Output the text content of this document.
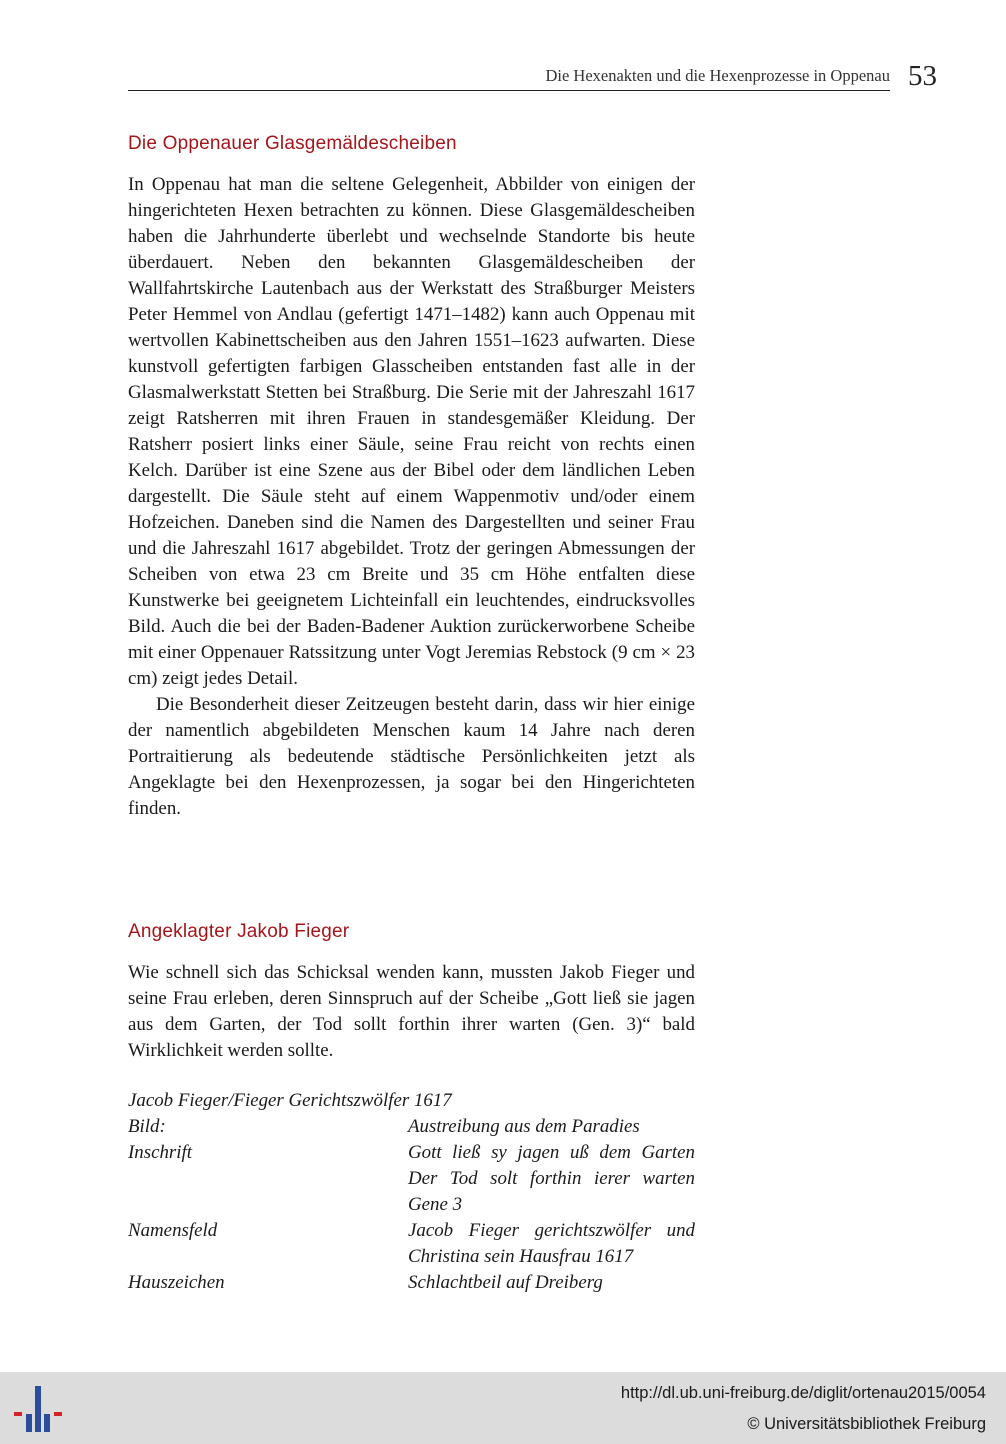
Die Hexenakten und die Hexenprozesse in Oppenau 53
Die Oppenauer Glasgemäldescheiben

In Oppenau hat man die seltene Gelegenheit, Abbilder von einigen der hingerichteten Hexen betrachten zu können. Diese Glasgemäldescheiben haben die Jahrhunderte überlebt und wechselnde Standorte bis heute überdauert. Neben den bekannten Glasgemäldescheiben der Wallfahrtskirche Lautenbach aus der Werkstatt des Straßburger Meisters Peter Hemmel von Andlau (gefertigt 1471–1482) kann auch Oppenau mit wertvollen Kabinettscheiben aus den Jahren 1551–1623 aufwarten. Diese kunstvoll gefertigten farbigen Glasscheiben entstanden fast alle in der Glasmalwerkstatt Stetten bei Straßburg. Die Serie mit der Jahreszahl 1617 zeigt Ratsherren mit ihren Frauen in standesgemäßer Kleidung. Der Ratsherr posiert links einer Säule, seine Frau reicht von rechts einen Kelch. Darüber ist eine Szene aus der Bibel oder dem ländlichen Leben dargestellt. Die Säule steht auf einem Wappenmotiv und/oder einem Hofzeichen. Daneben sind die Namen des Dargestellten und seiner Frau und die Jahreszahl 1617 abgebildet. Trotz der geringen Abmessungen der Scheiben von etwa 23 cm Breite und 35 cm Höhe entfalten diese Kunstwerke bei geeignetem Lichteinfall ein leuchtendes, eindrucksvolles Bild. Auch die bei der Baden-Badener Auktion zurückerworbene Scheibe mit einer Oppenauer Ratssitzung unter Vogt Jeremias Rebstock (9 cm × 23 cm) zeigt jedes Detail.

Die Besonderheit dieser Zeitzeugen besteht darin, dass wir hier einige der namentlich abgebildeten Menschen kaum 14 Jahre nach deren Portraitierung als bedeutende städtische Persönlichkeiten jetzt als Angeklagte bei den Hexenprozessen, ja sogar bei den Hingerichteten finden.

Angeklagter Jakob Fieger

Wie schnell sich das Schicksal wenden kann, mussten Jakob Fieger und seine Frau erleben, deren Sinnspruch auf der Scheibe „Gott ließ sie jagen aus dem Garten, der Tod sollt forthin ihrer warten (Gen. 3)“ bald Wirklichkeit werden sollte.

Jacob Fieger/Fieger Gerichtszwölfer 1617
Bild:	Austreibung aus dem Paradies
Inschrift	Gott ließ sy jagen uß dem Garten
Der Tod solt forthin ierer warten
Gene 3
Namensfeld	Jacob Fieger gerichtszwölfer und
Christina sein Hausfrau 1617
Hauszeichen	Schlachtbeil auf Dreiberg
http://dl.ub.uni-freiburg.de/diglit/ortenau2015/0054
© Universitätsbibliothek Freiburg
